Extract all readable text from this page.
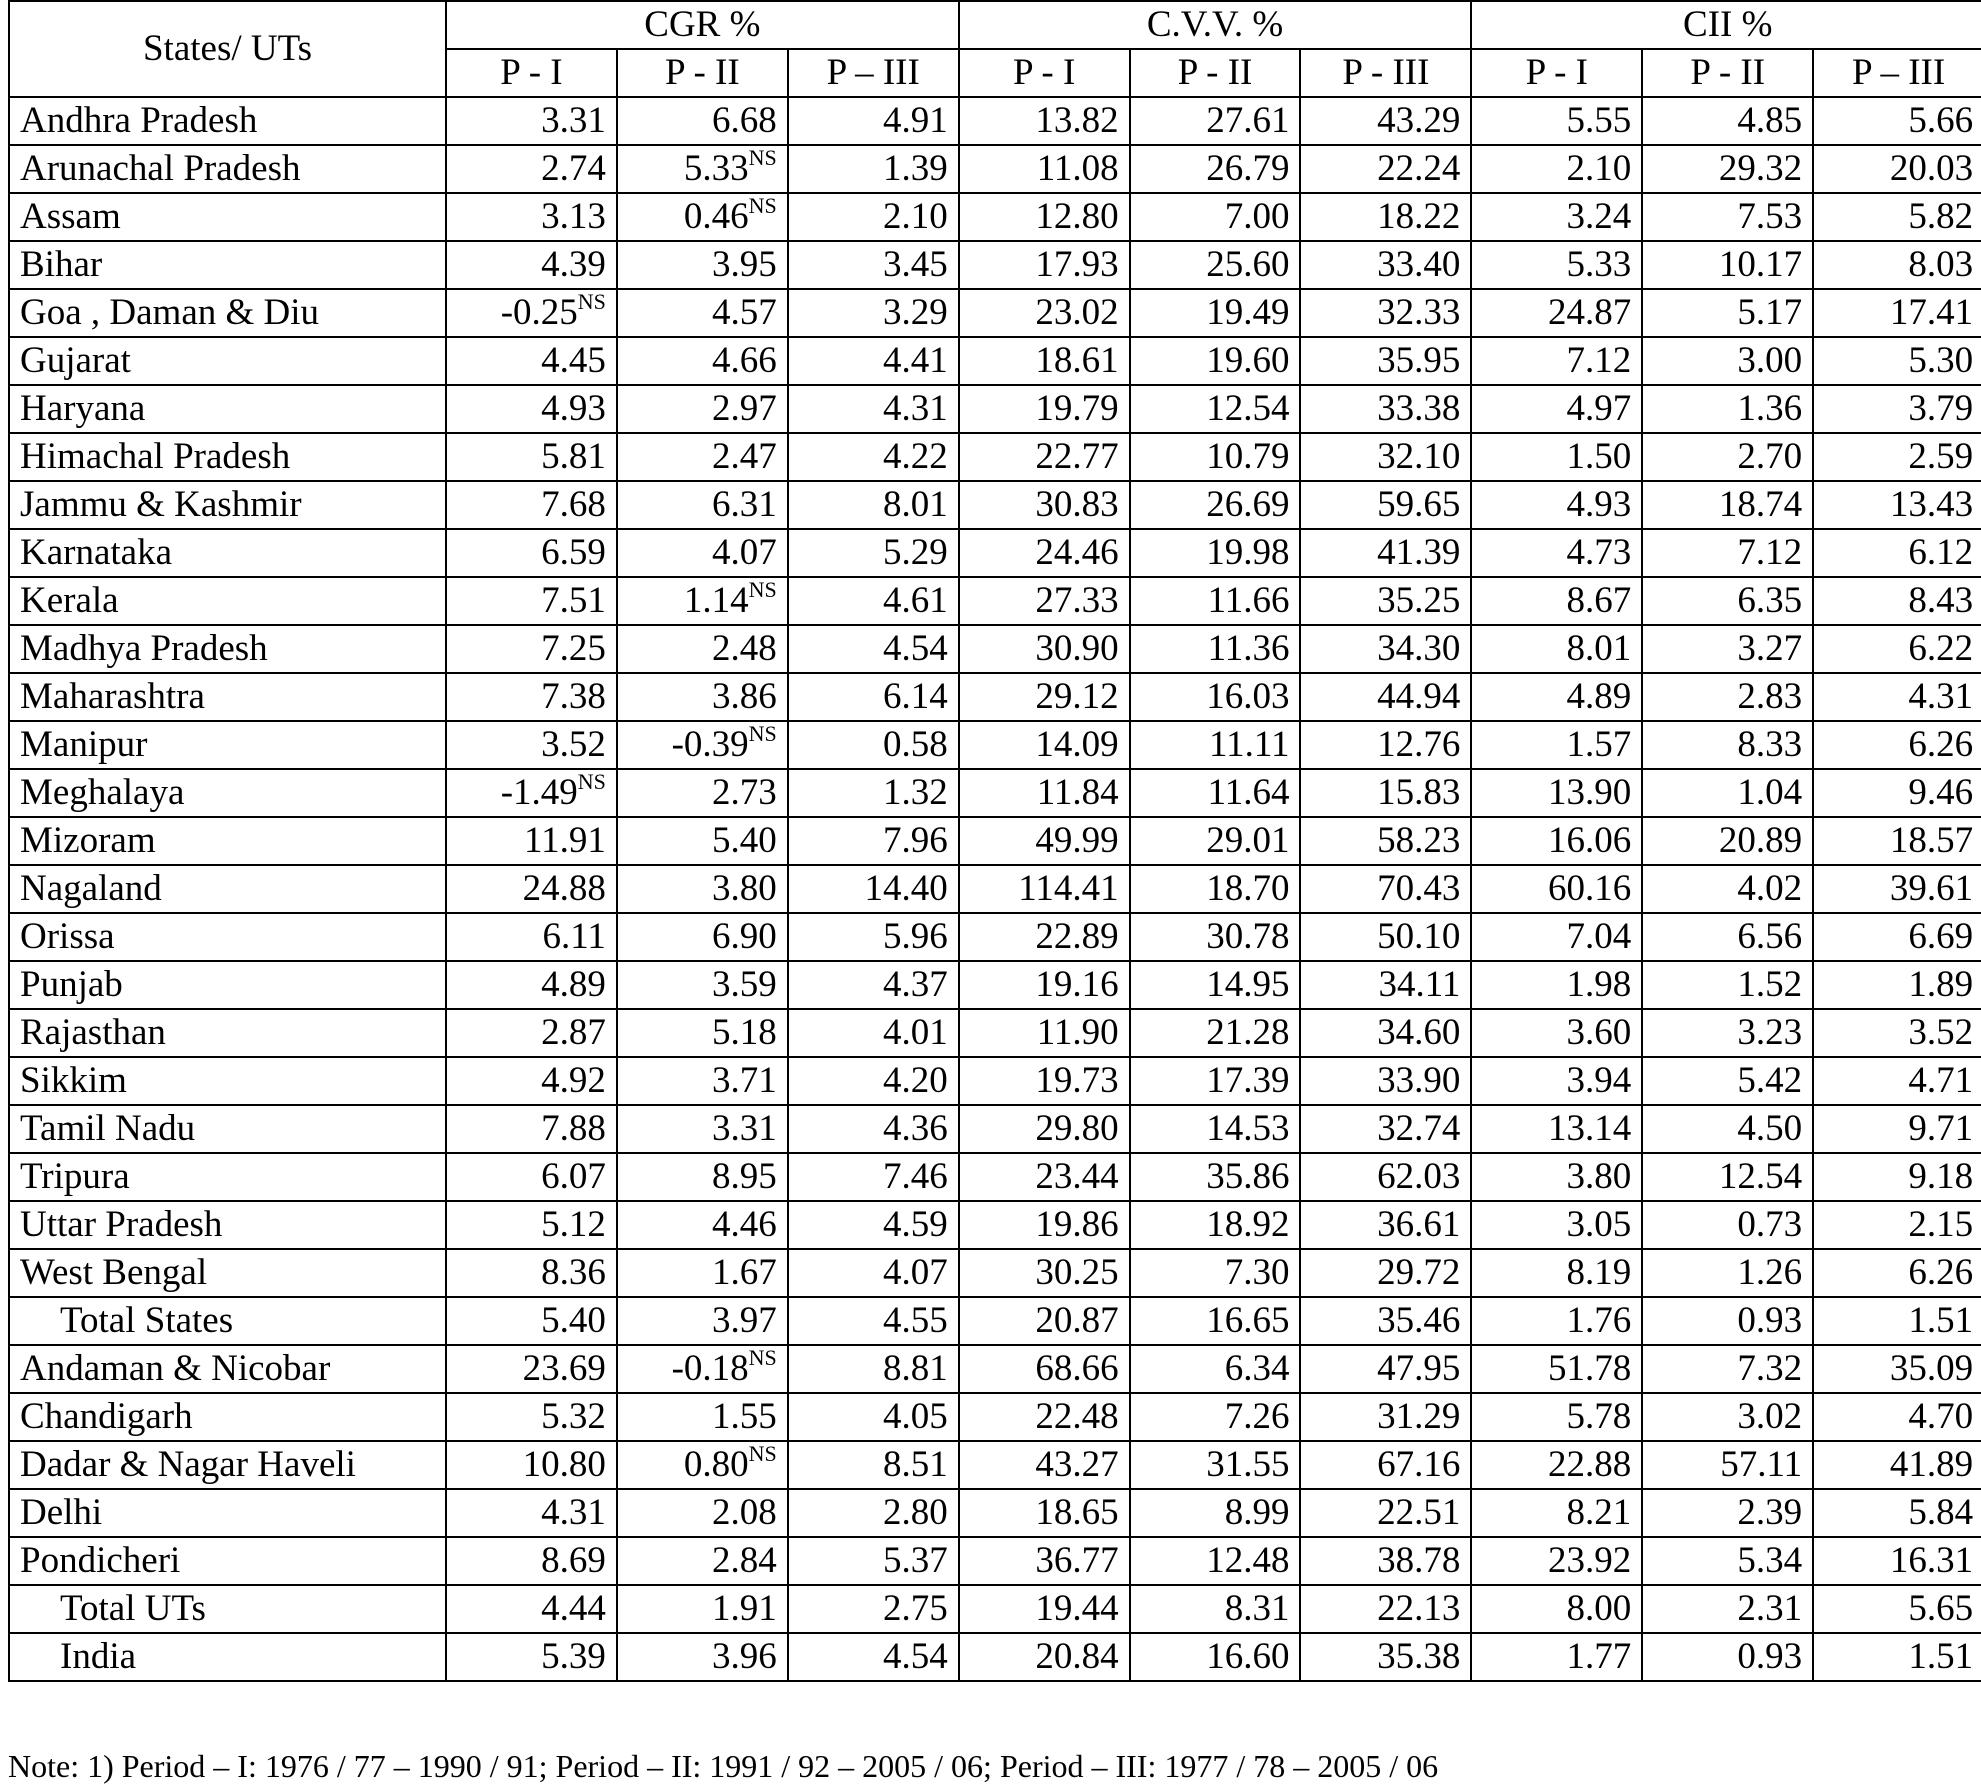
States/ UTs	CGR %			C.V.V. %			CII %		
	P - I	P - II	P – III	P - I	P - II	P - III	P - I	P - II	P – III
Andhra Pradesh	3.31	6.68	4.91	13.82	27.61	43.29	5.55	4.85	5.66
Arunachal Pradesh	2.74	$5.33^{NS}$	1.39	11.08	26.79	22.24	2.10	29.32	20.03
Assam	3.13	$0.46^{NS}$	2.10	12.80	7.00	18.22	3.24	7.53	5.82
Bihar	4.39	3.95	3.45	17.93	25.60	33.40	5.33	10.17	8.03
Goa , Daman & Diu	$-0.25^{NS}$	4.57	3.29	23.02	19.49	32.33	24.87	5.17	17.41
Gujarat	4.45	4.66	4.41	18.61	19.60	35.95	7.12	3.00	5.30
Haryana	4.93	2.97	4.31	19.79	12.54	33.38	4.97	1.36	3.79
Himachal Pradesh	5.81	2.47	4.22	22.77	10.79	32.10	1.50	2.70	2.59
Jammu & Kashmir	7.68	6.31	8.01	30.83	26.69	59.65	4.93	18.74	13.43
Karnataka	6.59	4.07	5.29	24.46	19.98	41.39	4.73	7.12	6.12
Kerala	7.51	$1.14^{NS}$	4.61	27.33	11.66	35.25	8.67	6.35	8.43
Madhya Pradesh	7.25	2.48	4.54	30.90	11.36	34.30	8.01	3.27	6.22
Maharashtra	7.38	3.86	6.14	29.12	16.03	44.94	4.89	2.83	4.31
Manipur	3.52	$-0.39^{NS}$	0.58	14.09	11.11	12.76	1.57	8.33	6.26
Meghalaya	$-1.49^{NS}$	2.73	1.32	11.84	11.64	15.83	13.90	1.04	9.46
Mizoram	11.91	5.40	7.96	49.99	29.01	58.23	16.06	20.89	18.57
Nagaland	24.88	3.80	14.40	114.41	18.70	70.43	60.16	4.02	39.61
Orissa	6.11	6.90	5.96	22.89	30.78	50.10	7.04	6.56	6.69
Punjab	4.89	3.59	4.37	19.16	14.95	34.11	1.98	1.52	1.89
Rajasthan	2.87	5.18	4.01	11.90	21.28	34.60	3.60	3.23	3.52
Sikkim	4.92	3.71	4.20	19.73	17.39	33.90	3.94	5.42	4.71
Tamil Nadu	7.88	3.31	4.36	29.80	14.53	32.74	13.14	4.50	9.71
Tripura	6.07	8.95	7.46	23.44	35.86	62.03	3.80	12.54	9.18
Uttar Pradesh	5.12	4.46	4.59	19.86	18.92	36.61	3.05	0.73	2.15
West Bengal	8.36	1.67	4.07	30.25	7.30	29.72	8.19	1.26	6.26
Total States	5.40	3.97	4.55	20.87	16.65	35.46	1.76	0.93	1.51
Andaman & Nicobar	23.69	$-0.18^{NS}$	8.81	68.66	6.34	47.95	51.78	7.32	35.09
Chandigarh	5.32	1.55	4.05	22.48	7.26	31.29	5.78	3.02	4.70
Dadar & Nagar Haveli	10.80	$0.80^{NS}$	8.51	43.27	31.55	67.16	22.88	57.11	41.89
Delhi	4.31	2.08	2.80	18.65	8.99	22.51	8.21	2.39	5.84
Pondicheri	8.69	2.84	5.37	36.77	12.48	38.78	23.92	5.34	16.31
Total UTs	4.44	1.91	2.75	19.44	8.31	22.13	8.00	2.31	5.65
India	5.39	3.96	4.54	20.84	16.60	35.38	1.77	0.93	1.51
Note: 1) Period – I: 1976 / 77 – 1990 / 91; Period – II: 1991 / 92 – 2005 / 06; Period – III: 1977 / 78 – 2005 / 06
